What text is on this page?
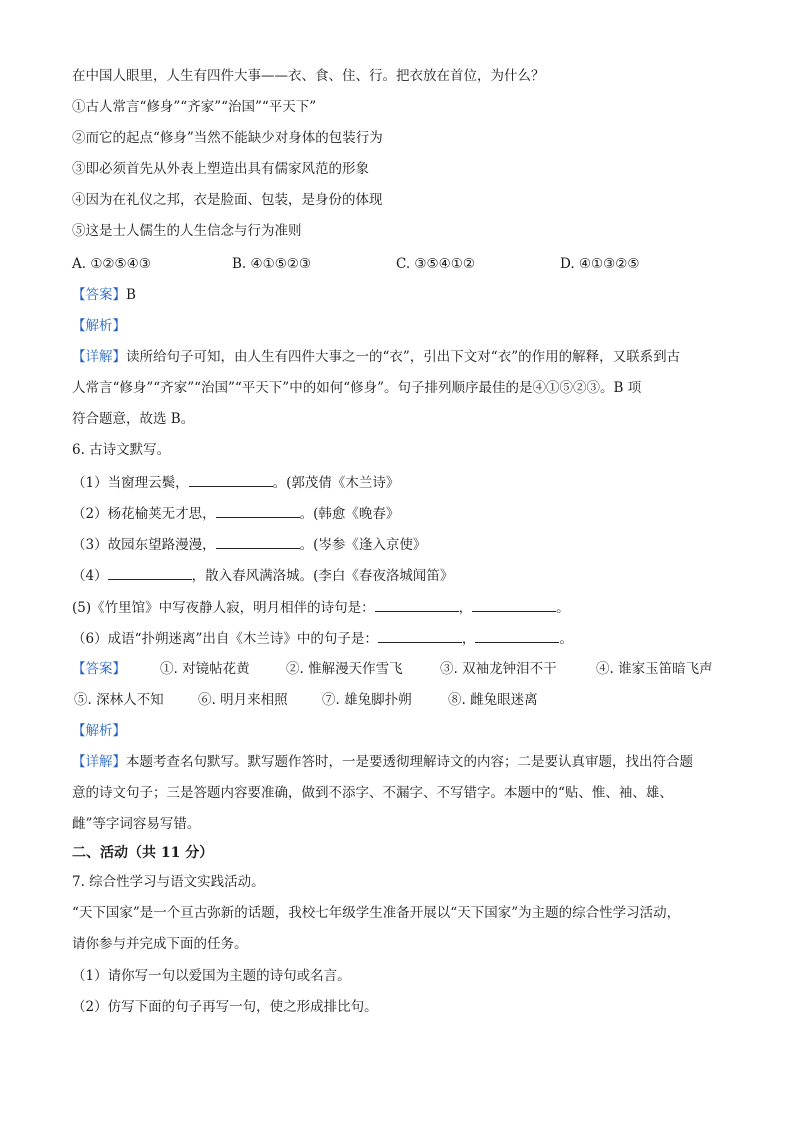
在中国人眼里，人生有四件大事——衣、食、住、行。把衣放在首位，为什么？
①古人常言“修身”“齐家”“治国”“平天下”
②而它的起点“修身”当然不能缺少对身体的包装行为
③即必须首先从外表上塑造出具有儒家风范的形象
④因为在礼仪之邦，衣是脸面、包装，是身份的体现
⑤这是士人儒生的人生信念与行为准则
A. ①②⑤④③	B. ④①⑤②③	C. ③⑤④①②	D. ④①③②⑤
【答案】B
【解析】
【详解】读所给句子可知，由人生有四件大事之一的“衣”，引出下文对“衣”的作用的解释，又联系到古
人常言“修身”“齐家”“治国”“平天下”中的如何“修身”。句子排列顺序最佳的是④①⑤②③。B 项
符合题意，故选 B。
6. 古诗文默写。
（1）当窗理云鬓，	。(郭茂倩《木兰诗》
（2）杨花榆荚无才思，	。(韩愈《晚春》
（3）故园东望路漫漫，	。(岑参《逢入京使》
（4）	，散入春风满洛城。(李白《春夜洛城闻笛》
(5)《竹里馆》中写夜静人寂，明月相伴的诗句是：	，	。
（6）成语“扑朔迷离”出自《木兰诗》中的句子是：	，	。
【答案】	①. 对镜帖花黄	②. 惟解漫天作雪飞	③. 双袖龙钟泪不干	④. 谁家玉笛暗飞声
⑤. 深林人不知	⑥. 明月来相照	⑦. 雄兔脚扑朔	⑧. 雌兔眼迷离
【解析】
【详解】本题考查名句默写。默写题作答时，一是要透彻理解诗文的内容；二是要认真审题，找出符合题
意的诗文句子；三是答题内容要准确，做到不添字、不漏字、不写错字。本题中的“贴、惟、袖、雄、
雌”等字词容易写错。
二、活动（共 11 分）
7. 综合性学习与语文实践活动。
“天下国家”是一个亘古弥新的话题，我校七年级学生准备开展以“天下国家”为主题的综合性学习活动，
请你参与并完成下面的任务。
（1）请你写一句以爱国为主题的诗句或名言。
（2）仿写下面的句子再写一句，使之形成排比句。
